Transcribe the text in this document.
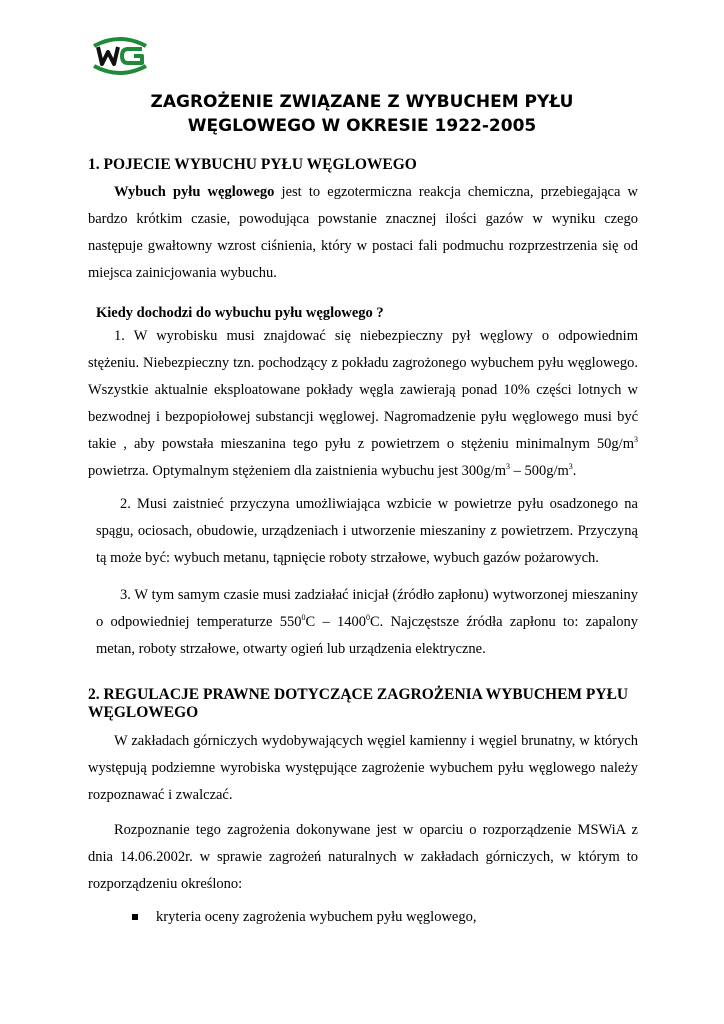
ZAGROŻENIE ZWIĄZANE Z WYBUCHEM PYŁU
WĘGLOWEGO W OKRESIE 1922-2005
1. POJECIE WYBUCHU PYŁU WĘGLOWEGO

Wybuch pyłu węglowego jest to egzotermiczna reakcja chemiczna, przebiegająca w bardzo krótkim czasie, powodująca powstanie znacznej ilości gazów w wyniku czego następuje gwałtowny wzrost ciśnienia, który w postaci fali podmuchu rozprzestrzenia się od miejsca zainicjowania wybuchu.

Kiedy dochodzi do wybuchu pyłu węglowego ?

1. W wyrobisku musi znajdować się niebezpieczny pył węglowy o odpowiednim stężeniu. Niebezpieczny tzn. pochodzący z pokładu zagrożonego wybuchem pyłu węglowego. Wszystkie aktualnie eksploatowane pokłady węgla zawierają ponad 10% części lotnych w bezwodnej i bezpopiołowej substancji węglowej. Nagromadzenie pyłu węglowego musi być takie , aby powstała mieszanina tego pyłu z powietrzem o stężeniu minimalnym $50g/m^3$ powietrza. Optymalnym stężeniem dla zaistnienia wybuchu jest $300g/m^3 - 500g/m^3$.

2. Musi zaistnieć przyczyna umożliwiająca wzbicie w powietrze pyłu osadzonego na spągu, ociosach, obudowie, urządzeniach i utworzenie mieszaniny z powietrzem. Przyczyną tą może być: wybuch metanu, tąpnięcie roboty strzałowe, wybuch gazów pożarowych.

3. W tym samym czasie musi zadziałać inicjał (źródło zapłonu) wytworzonej mieszaniny o odpowiedniej temperaturze $550^0C - 1400^0C$. Najczęstsze źródła zapłonu to: zapalony metan, roboty strzałowe, otwarty ogień lub urządzenia elektryczne.

2. REGULACJE PRAWNE DOTYCZĄCE ZAGROŻENIA WYBUCHEM PYŁU WĘGLOWEGO

W zakładach górniczych wydobywających węgiel kamienny i węgiel brunatny, w których występują podziemne wyrobiska występujące zagrożenie wybuchem pyłu węglowego należy rozpoznawać i zwalczać.

Rozpoznanie tego zagrożenia dokonywane jest w oparciu o rozporządzenie MSWiA z dnia 14.06.2002r. w sprawie zagrożeń naturalnych w zakładach górniczych, w którym to rozporządzeniu określono:

kryteria oceny zagrożenia wybuchem pyłu węglowego,
